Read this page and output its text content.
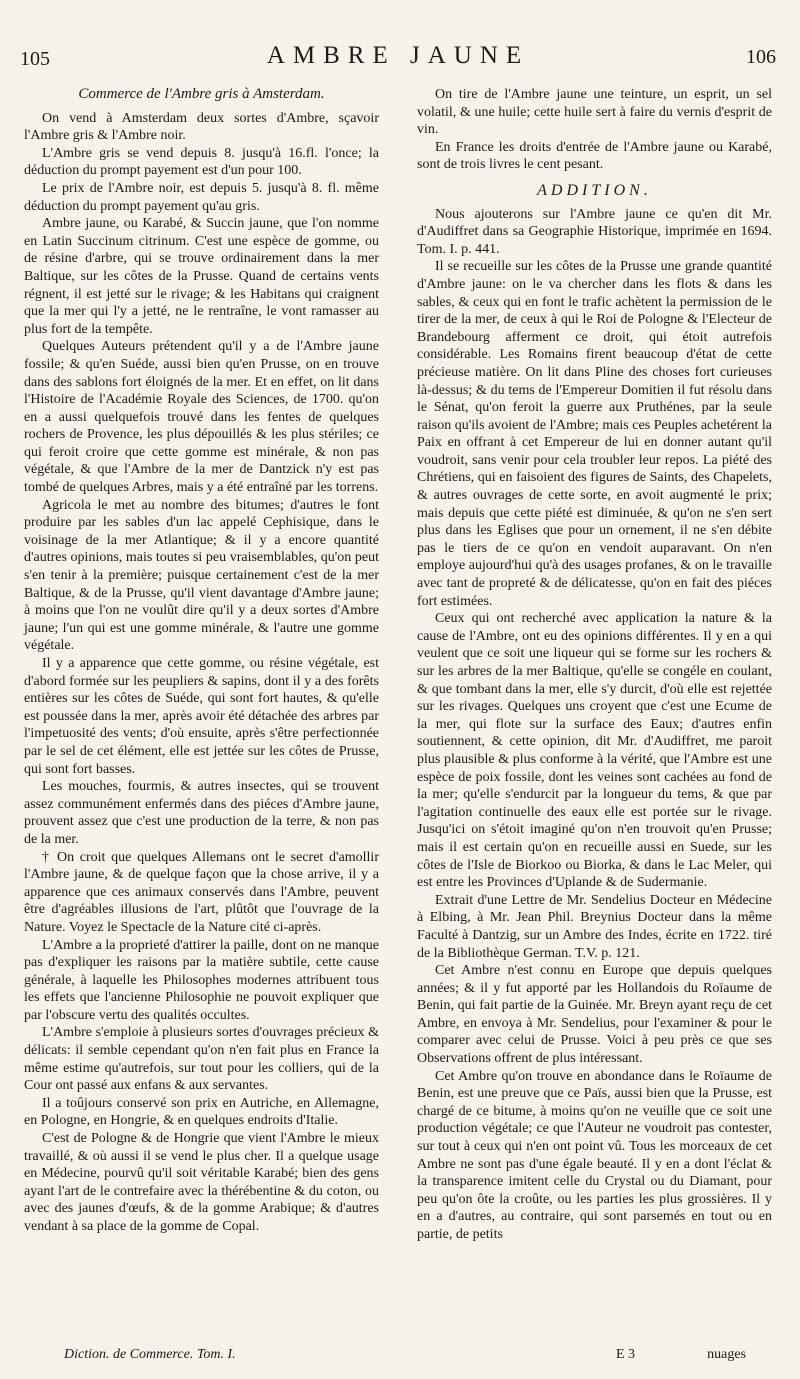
105	AMBRE JAUNE	106
Commerce de l'Ambre gris à Amsterdam.

On vend à Amsterdam deux sortes d'Ambre, sçavoir l'Ambre gris & l'Ambre noir.

L'Ambre gris se vend depuis 8. jusqu'à 16.fl. l'once; la déduction du prompt payement est d'un pour 100.

Le prix de l'Ambre noir, est depuis 5. jusqu'à 8. fl. même déduction du prompt payement qu'au gris.

Ambre jaune, ou Karabé, & Succin jaune, que l'on nomme en Latin Succinum citrinum. C'est une espèce de gomme, ou de résine d'arbre, qui se trouve ordinairement dans la mer Baltique, sur les côtes de la Prusse. Quand de certains vents régnent, il est jetté sur le rivage; & les Habitans qui craignent que la mer qui l'y a jetté, ne le rentraîne, le vont ramasser au plus fort de la tempête.

Quelques Auteurs prétendent qu'il y a de l'Ambre jaune fossile; & qu'en Suéde, aussi bien qu'en Prusse, on en trouve dans des sablons fort éloignés de la mer. Et en effet, on lit dans l'Histoire de l'Académie Royale des Sciences, de 1700. qu'on en a aussi quelquefois trouvé dans les fentes de quelques rochers de Provence, les plus dépouillés & les plus stériles; ce qui feroit croire que cette gomme est minérale, & non pas végétale, & que l'Ambre de la mer de Dantzick n'y est pas tombé de quelques Arbres, mais y a été entraîné par les torrens.

Agricola le met au nombre des bitumes; d'autres le font produire par les sables d'un lac appelé Cephisique, dans le voisinage de la mer Atlantique; & il y a encore quantité d'autres opinions, mais toutes si peu vraisemblables, qu'on peut s'en tenir à la première; puisque certainement c'est de la mer Baltique, & de la Prusse, qu'il vient davantage d'Ambre jaune; à moins que l'on ne voulût dire qu'il y a deux sortes d'Ambre jaune; l'un qui est une gomme minérale, & l'autre une gomme végétale.

Il y a apparence que cette gomme, ou résine végétale, est d'abord formée sur les peupliers & sapins, dont il y a des forêts entières sur les côtes de Suéde, qui sont fort hautes, & qu'elle est poussée dans la mer, après avoir été détachée des arbres par l'impetuosité des vents; d'où ensuite, après s'être perfectionnée par le sel de cet élément, elle est jettée sur les côtes de Prusse, qui sont fort basses.

Les mouches, fourmis, & autres insectes, qui se trouvent assez communément enfermés dans des piéces d'Ambre jaune, prouvent assez que c'est une production de la terre, & non pas de la mer.

† On croit que quelques Allemans ont le secret d'amollir l'Ambre jaune, & de quelque façon que la chose arrive, il y a apparence que ces animaux conservés dans l'Ambre, peuvent être d'agréables illusions de l'art, plûtôt que l'ouvrage de la Nature. Voyez le Spectacle de la Nature cité ci-après.

L'Ambre a la proprieté d'attirer la paille, dont on ne manque pas d'expliquer les raisons par la matière subtile, cette cause générale, à laquelle les Philosophes modernes attribuent tous les effets que l'ancienne Philosophie ne pouvoit expliquer que par l'obscure vertu des qualités occultes.

L'Ambre s'emploie à plusieurs sortes d'ouvrages précieux & délicats: il semble cependant qu'on n'en fait plus en France la même estime qu'autrefois, sur tout pour les colliers, qui de la Cour ont passé aux enfans & aux servantes.

Il a toûjours conservé son prix en Autriche, en Allemagne, en Pologne, en Hongrie, & en quelques endroits d'Italie.

C'est de Pologne & de Hongrie que vient l'Ambre le mieux travaillé, & où aussi il se vend le plus cher. Il a quelque usage en Médecine, pourvû qu'il soit véritable Karabé; bien des gens ayant l'art de le contrefaire avec la thérébentine & du coton, ou avec des jaunes d'œufs, & de la gomme Arabique; & d'autres vendant à sa place de la gomme de Copal.

On tire de l'Ambre jaune une teinture, un esprit, un sel volatil, & une huile; cette huile sert à faire du vernis d'esprit de vin.

En France les droits d'entrée de l'Ambre jaune ou Karabé, sont de trois livres le cent pesant.

ADDITION.

Nous ajouterons sur l'Ambre jaune ce qu'en dit Mr. d'Audiffret dans sa Geographie Historique, imprimée en 1694. Tom. I. p. 441.

Il se recueille sur les côtes de la Prusse une grande quantité d'Ambre jaune: on le va chercher dans les flots & dans les sables, & ceux qui en font le trafic achètent la permission de le tirer de la mer, de ceux à qui le Roi de Pologne & l'Electeur de Brandebourg afferment ce droit, qui étoit autrefois considérable. Les Romains firent beaucoup d'état de cette précieuse matière. On lit dans Pline des choses fort curieuses là-dessus; & du tems de l'Empereur Domitien il fut résolu dans le Sénat, qu'on feroit la guerre aux Pruthénes, par la seule raison qu'ils avoient de l'Ambre; mais ces Peuples achetérent la Paix en offrant à cet Empereur de lui en donner autant qu'il voudroit, sans venir pour cela troubler leur repos. La piété des Chrétiens, qui en faisoient des figures de Saints, des Chapelets, & autres ouvrages de cette sorte, en avoit augmenté le prix; mais depuis que cette piété est diminuée, & qu'on ne s'en sert plus dans les Eglises que pour un ornement, il ne s'en débite pas le tiers de ce qu'on en vendoit auparavant. On n'en employe aujourd'hui qu'à des usages profanes, & on le travaille avec tant de propreté & de délicatesse, qu'on en fait des piéces fort estimées.

Ceux qui ont recherché avec application la nature & la cause de l'Ambre, ont eu des opinions différentes. Il y en a qui veulent que ce soit une liqueur qui se forme sur les rochers & sur les arbres de la mer Baltique, qu'elle se congéle en coulant, & que tombant dans la mer, elle s'y durcit, d'où elle est rejettée sur les rivages. Quelques uns croyent que c'est une Ecume de la mer, qui flote sur la surface des Eaux; d'autres enfin soutiennent, & cette opinion, dit Mr. d'Audiffret, me paroit plus plausible & plus conforme à la vérité, que l'Ambre est une espèce de poix fossile, dont les veines sont cachées au fond de la mer; qu'elle s'endurcit par la longueur du tems, & que par l'agitation continuelle des eaux elle est portée sur le rivage. Jusqu'ici on s'étoit imaginé qu'on n'en trouvoit qu'en Prusse; mais il est certain qu'on en recueille aussi en Suede, sur les côtes de l'Isle de Biorkoo ou Biorka, & dans le Lac Meler, qui est entre les Provinces d'Uplande & de Sudermanie.

Extrait d'une Lettre de Mr. Sendelius Docteur en Médecine à Elbing, à Mr. Jean Phil. Breynius Docteur dans la même Faculté à Dantzig, sur un Ambre des Indes, écrite en 1722. tiré de la Bibliothèque German. T.V. p. 121.

Cet Ambre n'est connu en Europe que depuis quelques années; & il y fut apporté par les Hollandois du Roïaume de Benin, qui fait partie de la Guinée. Mr. Breyn ayant reçu de cet Ambre, en envoya à Mr. Sendelius, pour l'examiner & pour le comparer avec celui de Prusse. Voici à peu près ce que ses Observations offrent de plus intéressant.

Cet Ambre qu'on trouve en abondance dans le Roïaume de Benin, est une preuve que ce Païs, aussi bien que la Prusse, est chargé de ce bitume, à moins qu'on ne veuille que ce soit une production végétale; ce que l'Auteur ne voudroit pas contester, sur tout à ceux qui n'en ont point vû. Tous les morceaux de cet Ambre ne sont pas d'une égale beauté. Il y en a dont l'éclat & la transparence imitent celle du Crystal ou du Diamant, pour peu qu'on ôte la croûte, ou les parties les plus grossières. Il y en a d'autres, au contraire, qui sont parsemés en tout ou en partie, de petits

Diction. de Commerce. Tom. I.	E 3	nuages
